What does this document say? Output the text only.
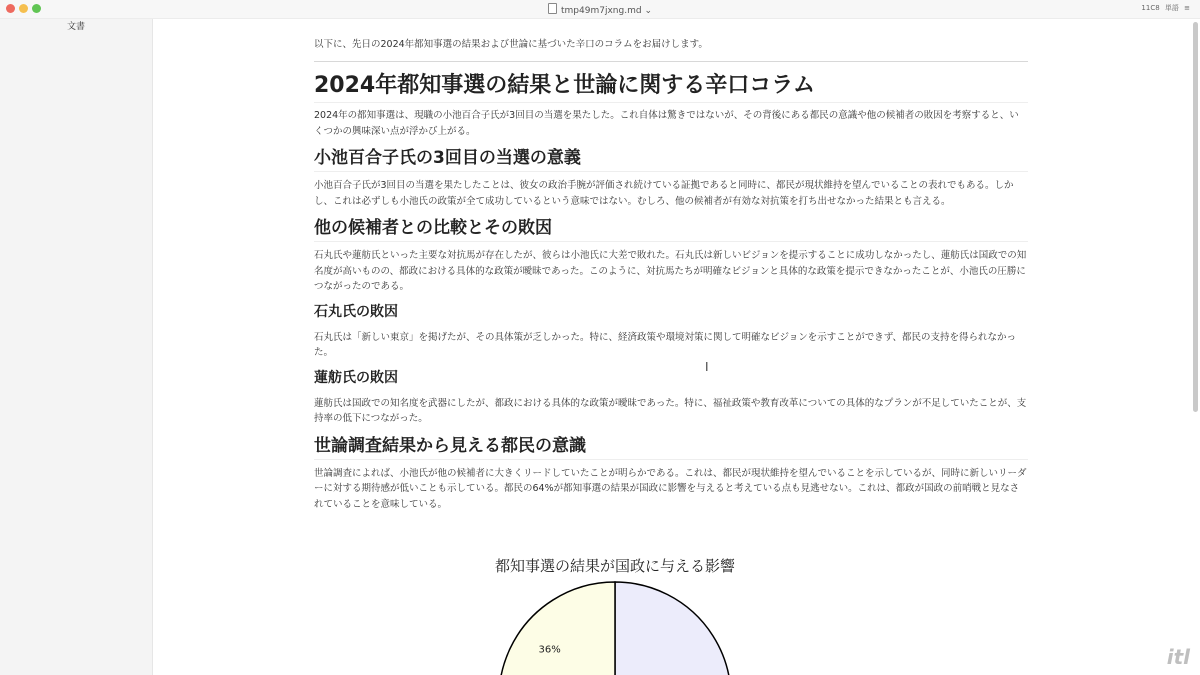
tmp49m7jxng.md ⌄	11C8 単語 ≡
文書

以下に、先日の2024年都知事選の結果および世論に基づいた辛口のコラムをお届けします。

2024年都知事選の結果と世論に関する辛口コラム

2024年の都知事選は、現職の小池百合子氏が3回目の当選を果たした。これ自体は驚きではないが、その背後にある都民の意識や他の候補者の敗因を考察すると、いくつかの興味深い点が浮かび上がる。

小池百合子氏の3回目の当選の意義

小池百合子氏が3回目の当選を果たしたことは、彼女の政治手腕が評価され続けている証拠であると同時に、都民が現状維持を望んでいることの表れでもある。しかし、これは必ずしも小池氏の政策が全て成功しているという意味ではない。むしろ、他の候補者が有効な対抗策を打ち出せなかった結果とも言える。

他の候補者との比較とその敗因

石丸氏や蓮舫氏といった主要な対抗馬が存在したが、彼らは小池氏に大差で敗れた。石丸氏は新しいビジョンを提示することに成功しなかったし、蓮舫氏は国政での知名度が高いものの、都政における具体的な政策が曖昧であった。このように、対抗馬たちが明確なビジョンと具体的な政策を提示できなかったことが、小池氏の圧勝につながったのである。

石丸氏の敗因

石丸氏は「新しい東京」を掲げたが、その具体策が乏しかった。特に、経済政策や環境対策に関して明確なビジョンを示すことができず、都民の支持を得られなかった。

蓮舫氏の敗因

蓮舫氏は国政での知名度を武器にしたが、都政における具体的な政策が曖昧であった。特に、福祉政策や教育改革についての具体的なプランが不足していたことが、支持率の低下につながった。

世論調査結果から見える都民の意識

世論調査によれば、小池氏が他の候補者に大きくリードしていたことが明らかである。これは、都民が現状維持を望んでいることを示しているが、同時に新しいリーダーに対する期待感が低いことも示している。都民の64%が都知事選の結果が国政に影響を与えると考えている点も見逃せない。これは、都政が国政の前哨戦と見なされていることを意味している。

I
都知事選の結果が国政に与える影響
36%	itl
